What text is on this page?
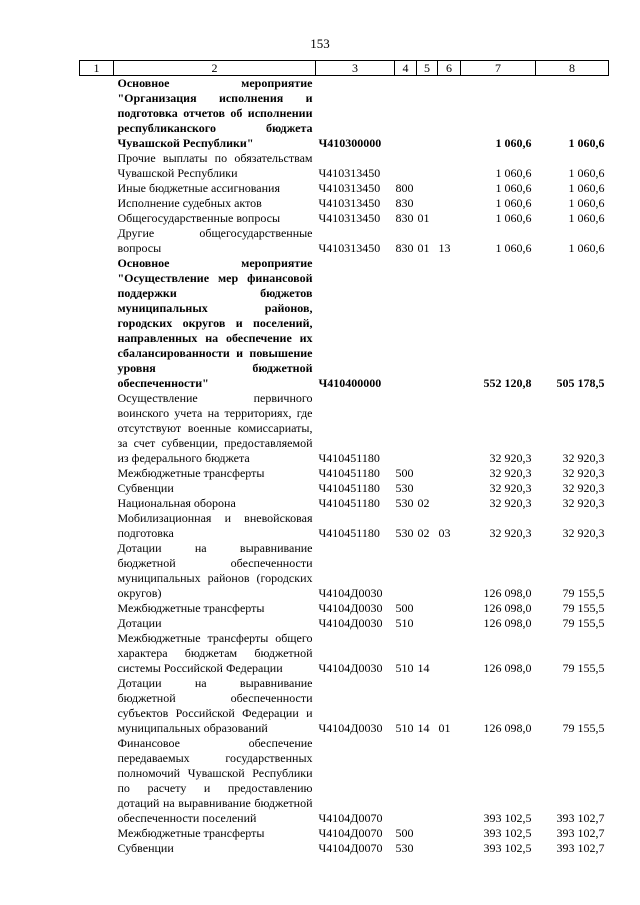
153
1	2	3	4	5	6	7	8
	Основное мероприятие "Организация исполнения и подготовка отчетов об исполнении республиканского бюджета Чувашской Республики"	Ч410300000				1 060,6	1 060,6
	Прочие выплаты по обязательствам Чувашской Республики	Ч410313450				1 060,6	1 060,6
	Иные бюджетные ассигнования	Ч410313450	800			1 060,6	1 060,6
	Исполнение судебных актов	Ч410313450	830			1 060,6	1 060,6
	Общегосударственные вопросы	Ч410313450	830	01		1 060,6	1 060,6
	Другие общегосударственные вопросы	Ч410313450	830	01	13	1 060,6	1 060,6
	Основное мероприятие "Осуществление мер финансовой поддержки бюджетов муниципальных районов, городских округов и поселений, направленных на обеспечение их сбалансированности и повышение уровня бюджетной обеспеченности"	Ч410400000				552 120,8	505 178,5
	Осуществление первичного воинского учета на территориях, где отсутствуют военные комиссариаты, за счет субвенции, предоставляемой из федерального бюджета	Ч410451180				32 920,3	32 920,3
	Межбюджетные трансферты	Ч410451180	500			32 920,3	32 920,3
	Субвенции	Ч410451180	530			32 920,3	32 920,3
	Национальная оборона	Ч410451180	530	02		32 920,3	32 920,3
	Мобилизационная и вневойсковая подготовка	Ч410451180	530	02	03	32 920,3	32 920,3
	Дотации на выравнивание бюджетной обеспеченности муниципальных районов (городских округов)	Ч4104Д0030				126 098,0	79 155,5
	Межбюджетные трансферты	Ч4104Д0030	500			126 098,0	79 155,5
	Дотации	Ч4104Д0030	510			126 098,0	79 155,5
	Межбюджетные трансферты общего характера бюджетам бюджетной системы Российской Федерации	Ч4104Д0030	510	14		126 098,0	79 155,5
	Дотации на выравнивание бюджетной обеспеченности субъектов Российской Федерации и муниципальных образований	Ч4104Д0030	510	14	01	126 098,0	79 155,5
	Финансовое обеспечение передаваемых государственных полномочий Чувашской Республики по расчету и предоставлению дотаций на выравнивание бюджетной обеспеченности поселений	Ч4104Д0070				393 102,5	393 102,7
	Межбюджетные трансферты	Ч4104Д0070	500			393 102,5	393 102,7
	Субвенции	Ч4104Д0070	530			393 102,5	393 102,7
